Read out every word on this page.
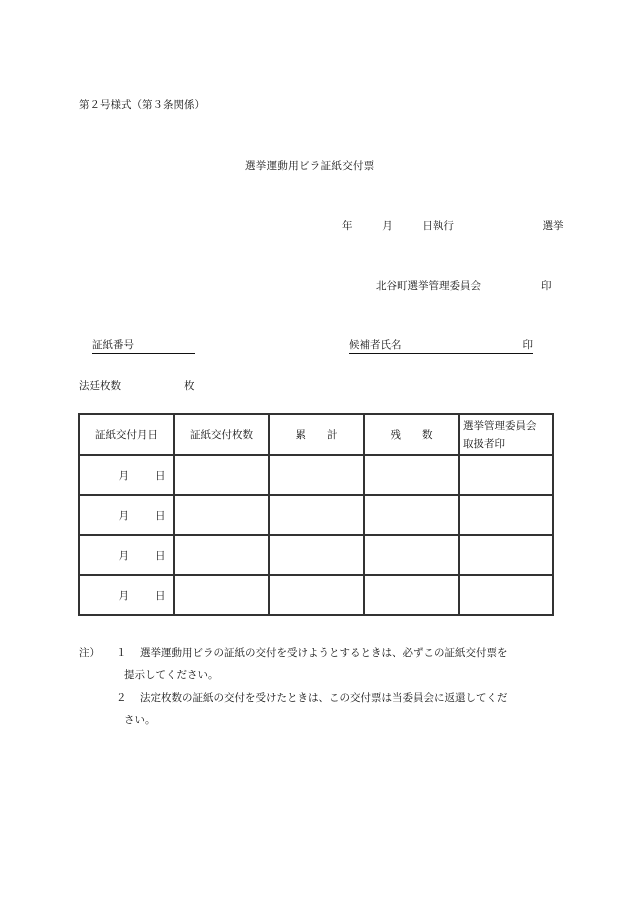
第２号様式（第３条関係）
選挙運動用ビラ証紙交付票
年	月	日執行	選挙
北谷町選挙管理委員会	印
証紙番号	候補者氏名	印
法廷枚数	枚
証紙交付月日	証紙交付枚数	累　　計	残　　数	選挙管理委員会
取扱者印

月 日				
月 日				
月 日				
月 日				
注） １ 選挙運動用ビラの証紙の交付を受けようとするときは、必ずこの証紙交付票を
提示してください。
２ 法定枚数の証紙の交付を受けたときは、この交付票は当委員会に返還してくだ
さい。
